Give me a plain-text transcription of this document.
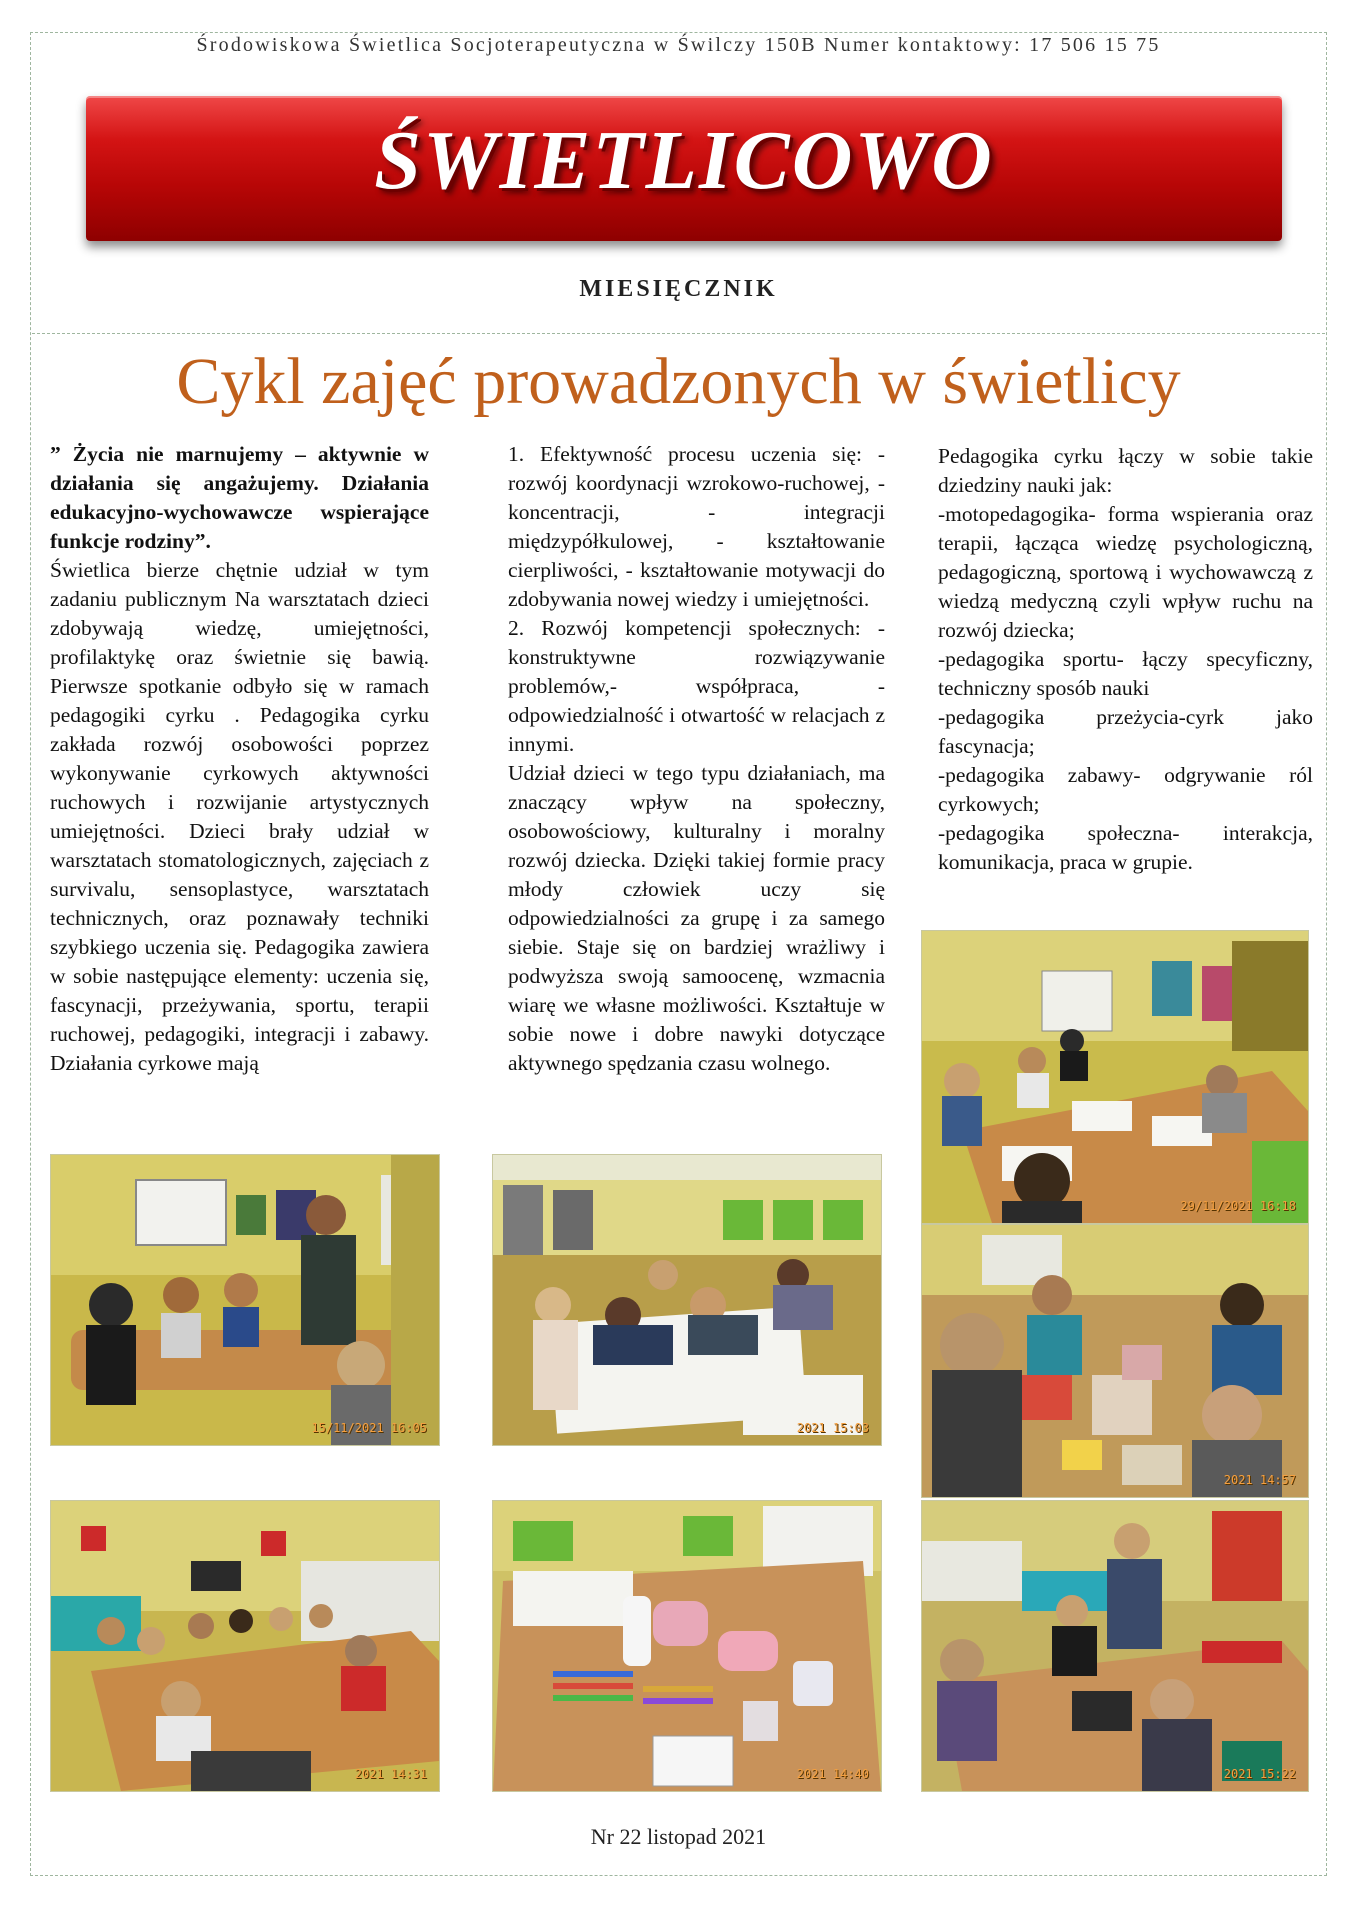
Środowiskowa Świetlica Socjoterapeutyczna w Świlczy 150B Numer kontaktowy: 17 506 15 75
ŚWIETLICOWO
MIESIĘCZNIK
Cykl zajęć prowadzonych w świetlicy

” Życia nie marnujemy – aktywnie w działania się angażujemy. Działania edukacyjno-wychowawcze wspierające funkcje rodziny”.

Świetlica bierze chętnie udział w tym zadaniu publicznym Na warsztatach dzieci zdobywają wiedzę, umiejętności, profilaktykę oraz świetnie się bawią. Pierwsze spotkanie odbyło się w ramach pedagogiki cyrku . Pedagogika cyrku zakłada rozwój osobowości poprzez wykonywanie cyrkowych aktywności ruchowych i rozwijanie artystycznych umiejętności. Dzieci brały udział w warsztatach stomatologicznych, zajęciach z survivalu, sensoplastyce, warsztatach technicznych, oraz poznawały techniki szybkiego uczenia się. Pedagogika zawiera w sobie następujące elementy: uczenia się, fascynacji, przeżywania, sportu, terapii ruchowej, pedagogiki, integracji i zabawy. Działania cyrkowe mają

1. Efektywność procesu uczenia się: - rozwój koordynacji wzrokowo-ruchowej, - koncentracji, - integracji międzypółkulowej, - kształtowanie cierpliwości, - kształtowanie motywacji do zdobywania nowej wiedzy i umiejętności.

2. Rozwój kompetencji społecznych: - konstruktywne rozwiązywanie problemów,- współpraca, - odpowiedzialność i otwartość w relacjach z innymi.

Udział dzieci w tego typu działaniach, ma znaczący wpływ na społeczny, osobowościowy, kulturalny i moralny rozwój dziecka. Dzięki takiej formie pracy młody człowiek uczy się odpowiedzialności za grupę i za samego siebie. Staje się on bardziej wrażliwy i podwyższa swoją samoocenę, wzmacnia wiarę we własne możliwości. Kształtuje w sobie nowe i dobre nawyki dotyczące aktywnego spędzania czasu wolnego.

Pedagogika cyrku łączy w sobie takie dziedziny nauki jak:

-motopedagogika- forma wspierania oraz terapii, łącząca wiedzę psychologiczną, pedagogiczną, sportową i wychowawczą z wiedzą medyczną czyli wpływ ruchu na rozwój dziecka;

-pedagogika sportu- łączy specyficzny, techniczny sposób nauki

-pedagogika przeżycia-cyrk jako fascynacja;

-pedagogika zabawy- odgrywanie ról cyrkowych;

-pedagogika społeczna- interakcja, komunikacja, praca w grupie.

15/11/2021 16:05	2021 15:03
29/11/2021 16:18
2021 14:57
2021 14:31	2021 14:40	2021 15:22
Nr 22 listopad 2021
